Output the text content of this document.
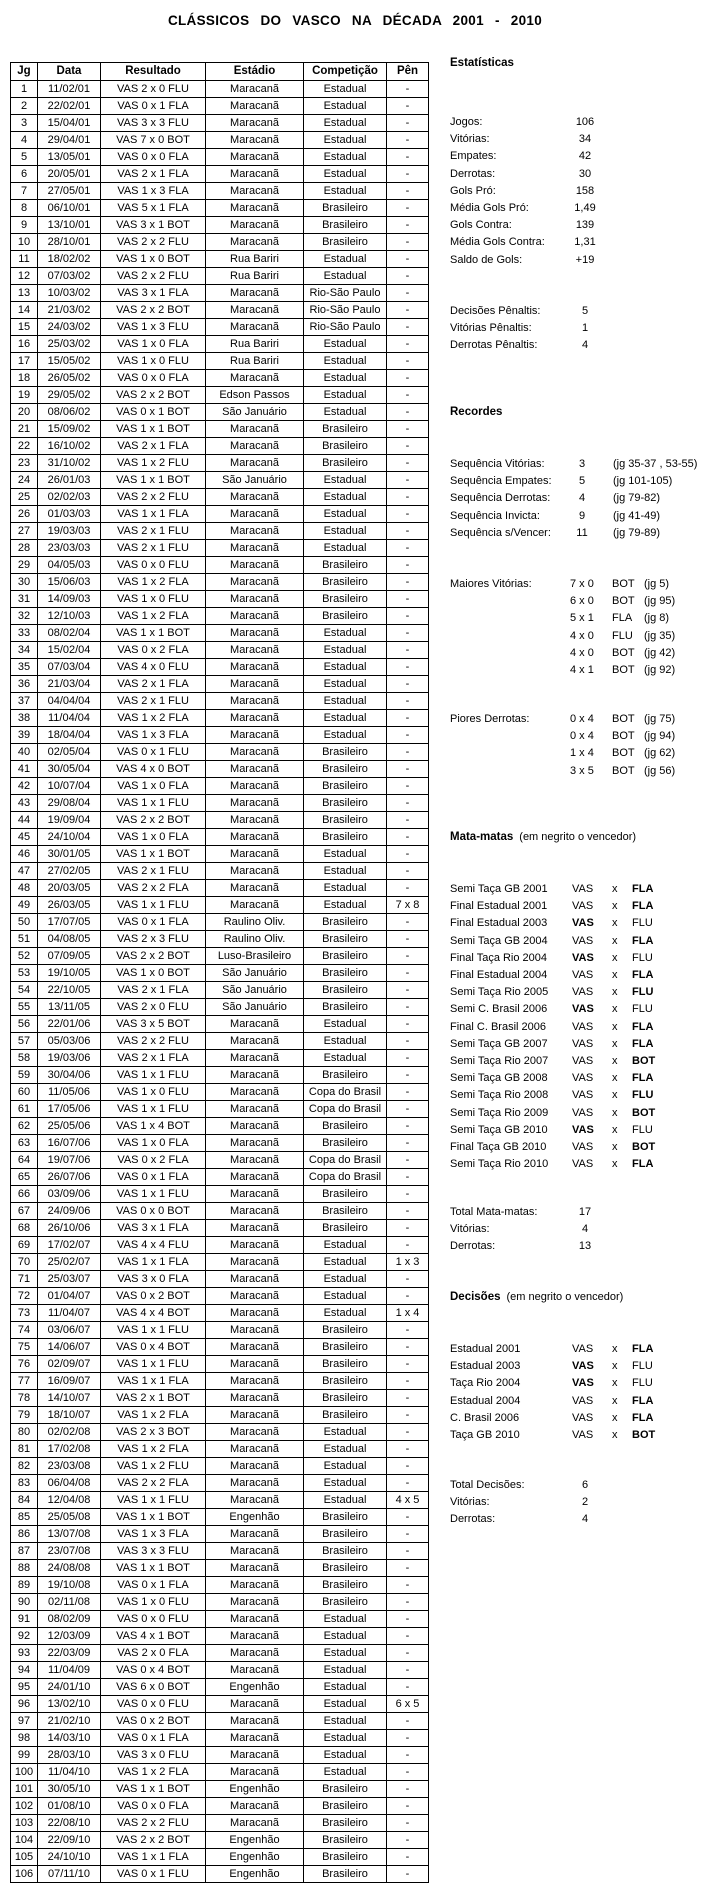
CLÁSSICOS DO VASCO NA DÉCADA 2001 - 2010
Jg	Data	Resultado	Estádio	Competição	Pên
1	11/02/01	VAS 2 x 0 FLU	Maracanã	Estadual	-
2	22/02/01	VAS 0 x 1 FLA	Maracanã	Estadual	-
3	15/04/01	VAS 3 x 3 FLU	Maracanã	Estadual	-
4	29/04/01	VAS 7 x 0 BOT	Maracanã	Estadual	-
5	13/05/01	VAS 0 x 0 FLA	Maracanã	Estadual	-
6	20/05/01	VAS 2 x 1 FLA	Maracanã	Estadual	-
7	27/05/01	VAS 1 x 3 FLA	Maracanã	Estadual	-
8	06/10/01	VAS 5 x 1 FLA	Maracanã	Brasileiro	-
9	13/10/01	VAS 3 x 1 BOT	Maracanã	Brasileiro	-
10	28/10/01	VAS 2 x 2 FLU	Maracanã	Brasileiro	-
11	18/02/02	VAS 1 x 0 BOT	Rua Bariri	Estadual	-
12	07/03/02	VAS 2 x 2 FLU	Rua Bariri	Estadual	-
13	10/03/02	VAS 3 x 1 FLA	Maracanã	Rio-São Paulo	-
14	21/03/02	VAS 2 x 2 BOT	Maracanã	Rio-São Paulo	-
15	24/03/02	VAS 1 x 3 FLU	Maracanã	Rio-São Paulo	-
16	25/03/02	VAS 1 x 0 FLA	Rua Bariri	Estadual	-
17	15/05/02	VAS 1 x 0 FLU	Rua Bariri	Estadual	-
18	26/05/02	VAS 0 x 0 FLA	Maracanã	Estadual	-
19	29/05/02	VAS 2 x 2 BOT	Edson Passos	Estadual	-
20	08/06/02	VAS 0 x 1 BOT	São Januário	Estadual	-
21	15/09/02	VAS 1 x 1 BOT	Maracanã	Brasileiro	-
22	16/10/02	VAS 2 x 1 FLA	Maracanã	Brasileiro	-
23	31/10/02	VAS 1 x 2 FLU	Maracanã	Brasileiro	-
24	26/01/03	VAS 1 x 1 BOT	São Januário	Estadual	-
25	02/02/03	VAS 2 x 2 FLU	Maracanã	Estadual	-
26	01/03/03	VAS 1 x 1 FLA	Maracanã	Estadual	-
27	19/03/03	VAS 2 x 1 FLU	Maracanã	Estadual	-
28	23/03/03	VAS 2 x 1 FLU	Maracanã	Estadual	-
29	04/05/03	VAS 0 x 0 FLU	Maracanã	Brasileiro	-
30	15/06/03	VAS 1 x 2 FLA	Maracanã	Brasileiro	-
31	14/09/03	VAS 1 x 0 FLU	Maracanã	Brasileiro	-
32	12/10/03	VAS 1 x 2 FLA	Maracanã	Brasileiro	-
33	08/02/04	VAS 1 x 1 BOT	Maracanã	Estadual	-
34	15/02/04	VAS 0 x 2 FLA	Maracanã	Estadual	-
35	07/03/04	VAS 4 x 0 FLU	Maracanã	Estadual	-
36	21/03/04	VAS 2 x 1 FLA	Maracanã	Estadual	-
37	04/04/04	VAS 2 x 1 FLU	Maracanã	Estadual	-
38	11/04/04	VAS 1 x 2 FLA	Maracanã	Estadual	-
39	18/04/04	VAS 1 x 3 FLA	Maracanã	Estadual	-
40	02/05/04	VAS 0 x 1 FLU	Maracanã	Brasileiro	-
41	30/05/04	VAS 4 x 0 BOT	Maracanã	Brasileiro	-
42	10/07/04	VAS 1 x 0 FLA	Maracanã	Brasileiro	-
43	29/08/04	VAS 1 x 1 FLU	Maracanã	Brasileiro	-
44	19/09/04	VAS 2 x 2 BOT	Maracanã	Brasileiro	-
45	24/10/04	VAS 1 x 0 FLA	Maracanã	Brasileiro	-
46	30/01/05	VAS 1 x 1 BOT	Maracanã	Estadual	-
47	27/02/05	VAS 2 x 1 FLU	Maracanã	Estadual	-
48	20/03/05	VAS 2 x 2 FLA	Maracanã	Estadual	-
49	26/03/05	VAS 1 x 1 FLU	Maracanã	Estadual	7 x 8
50	17/07/05	VAS 0 x 1 FLA	Raulino Oliv.	Brasileiro	-
51	04/08/05	VAS 2 x 3 FLU	Raulino Oliv.	Brasileiro	-
52	07/09/05	VAS 2 x 2 BOT	Luso-Brasileiro	Brasileiro	-
53	19/10/05	VAS 1 x 0 BOT	São Januário	Brasileiro	-
54	22/10/05	VAS 2 x 1 FLA	São Januário	Brasileiro	-
55	13/11/05	VAS 2 x 0 FLU	São Januário	Brasileiro	-
56	22/01/06	VAS 3 x 5 BOT	Maracanã	Estadual	-
57	05/03/06	VAS 2 x 2 FLU	Maracanã	Estadual	-
58	19/03/06	VAS 2 x 1 FLA	Maracanã	Estadual	-
59	30/04/06	VAS 1 x 1 FLU	Maracanã	Brasileiro	-
60	11/05/06	VAS 1 x 0 FLU	Maracanã	Copa do Brasil	-
61	17/05/06	VAS 1 x 1 FLU	Maracanã	Copa do Brasil	-
62	25/05/06	VAS 1 x 4 BOT	Maracanã	Brasileiro	-
63	16/07/06	VAS 1 x 0 FLA	Maracanã	Brasileiro	-
64	19/07/06	VAS 0 x 2 FLA	Maracanã	Copa do Brasil	-
65	26/07/06	VAS 0 x 1 FLA	Maracanã	Copa do Brasil	-
66	03/09/06	VAS 1 x 1 FLU	Maracanã	Brasileiro	-
67	24/09/06	VAS 0 x 0 BOT	Maracanã	Brasileiro	-
68	26/10/06	VAS 3 x 1 FLA	Maracanã	Brasileiro	-
69	17/02/07	VAS 4 x 4 FLU	Maracanã	Estadual	-
70	25/02/07	VAS 1 x 1 FLA	Maracanã	Estadual	1 x 3
71	25/03/07	VAS 3 x 0 FLA	Maracanã	Estadual	-
72	01/04/07	VAS 0 x 2 BOT	Maracanã	Estadual	-
73	11/04/07	VAS 4 x 4 BOT	Maracanã	Estadual	1 x 4
74	03/06/07	VAS 1 x 1 FLU	Maracanã	Brasileiro	-
75	14/06/07	VAS 0 x 4 BOT	Maracanã	Brasileiro	-
76	02/09/07	VAS 1 x 1 FLU	Maracanã	Brasileiro	-
77	16/09/07	VAS 1 x 1 FLA	Maracanã	Brasileiro	-
78	14/10/07	VAS 2 x 1 BOT	Maracanã	Brasileiro	-
79	18/10/07	VAS 1 x 2 FLA	Maracanã	Brasileiro	-
80	02/02/08	VAS 2 x 3 BOT	Maracanã	Estadual	-
81	17/02/08	VAS 1 x 2 FLA	Maracanã	Estadual	-
82	23/03/08	VAS 1 x 2 FLU	Maracanã	Estadual	-
83	06/04/08	VAS 2 x 2 FLA	Maracanã	Estadual	-
84	12/04/08	VAS 1 x 1 FLU	Maracanã	Estadual	4 x 5
85	25/05/08	VAS 1 x 1 BOT	Engenhão	Brasileiro	-
86	13/07/08	VAS 1 x 3 FLA	Maracanã	Brasileiro	-
87	23/07/08	VAS 3 x 3 FLU	Maracanã	Brasileiro	-
88	24/08/08	VAS 1 x 1 BOT	Maracanã	Brasileiro	-
89	19/10/08	VAS 0 x 1 FLA	Maracanã	Brasileiro	-
90	02/11/08	VAS 1 x 0 FLU	Maracanã	Brasileiro	-
91	08/02/09	VAS 0 x 0 FLU	Maracanã	Estadual	-
92	12/03/09	VAS 4 x 1 BOT	Maracanã	Estadual	-
93	22/03/09	VAS 2 x 0 FLA	Maracanã	Estadual	-
94	11/04/09	VAS 0 x 4 BOT	Maracanã	Estadual	-
95	24/01/10	VAS 6 x 0 BOT	Engenhão	Estadual	-
96	13/02/10	VAS 0 x 0 FLU	Maracanã	Estadual	6 x 5
97	21/02/10	VAS 0 x 2 BOT	Maracanã	Estadual	-
98	14/03/10	VAS 0 x 1 FLA	Maracanã	Estadual	-
99	28/03/10	VAS 3 x 0 FLU	Maracanã	Estadual	-
100	11/04/10	VAS 1 x 2 FLA	Maracanã	Estadual	-
101	30/05/10	VAS 1 x 1 BOT	Engenhão	Brasileiro	-
102	01/08/10	VAS 0 x 0 FLA	Maracanã	Brasileiro	-
103	22/08/10	VAS 2 x 2 FLU	Maracanã	Brasileiro	-
104	22/09/10	VAS 2 x 2 BOT	Engenhão	Brasileiro	-
105	24/10/10	VAS 1 x 1 FLA	Engenhão	Brasileiro	-
106	07/11/10	VAS 0 x 1 FLU	Engenhão	Brasileiro	-
Estatísticas
Jogos:	106
Vitórias:	34
Empates:	42
Derrotas:	30
Gols Pró:	158
Média Gols Pró:	1,49
Gols Contra:	139
Média Gols Contra:	1,31
Saldo de Gols:	+19
Decisões Pênaltis:	5
Vitórias Pênaltis:	1
Derrotas Pênaltis:	4
Recordes
Sequência Vitórias:	3	(jg 35-37 , 53-55)
Sequência Empates:	5	(jg 101-105)
Sequência Derrotas:	4	(jg 79-82)
Sequência Invicta:	9	(jg 41-49)
Sequência s/Vencer:	11	(jg 79-89)
Maiores Vitórias:	7 x 0	BOT (jg 5)
6 x 0	BOT (jg 95)
5 x 1	FLA	(jg 8)
4 x 0	FLU	(jg 35)
4 x 0	BOT (jg 42)
4 x 1	BOT (jg 92)
Piores Derrotas:	0 x 4	BOT (jg 75)
0 x 4	BOT (jg 94)
1 x 4	BOT (jg 62)
3 x 5	BOT (jg 56)
Mata-matas (em negrito o vencedor)
Semi Taça GB 2001	VAS	x	FLA
Final Estadual 2001	VAS	x	FLA
Final Estadual 2003	VAS	x	FLU
Semi Taça GB 2004	VAS	x	FLA
Final Taça Rio 2004	VAS	x	FLU
Final Estadual 2004	VAS	x	FLA
Semi Taça Rio 2005	VAS	x	FLU
Semi C. Brasil 2006	VAS	x	FLU
Final C. Brasil 2006	VAS	x	FLA
Semi Taça GB 2007	VAS	x	FLA
Semi Taça Rio 2007	VAS	x	BOT
Semi Taça GB 2008	VAS	x	FLA
Semi Taça Rio 2008	VAS	x	FLU
Semi Taça Rio 2009	VAS	x	BOT
Semi Taça GB 2010	VAS	x	FLU
Final Taça GB 2010	VAS	x	BOT
Semi Taça Rio 2010	VAS	x	FLA
Total Mata-matas:	17
Vitórias:	4
Derrotas:	13
Decisões (em negrito o vencedor)
Estadual 2001	VAS	x	FLA
Estadual 2003	VAS	x	FLU
Taça Rio 2004	VAS	x	FLU
Estadual 2004	VAS	x	FLA
C. Brasil 2006	VAS	x	FLA
Taça GB 2010	VAS	x	BOT
Total Decisões:	6
Vitórias:	2
Derrotas:	4
